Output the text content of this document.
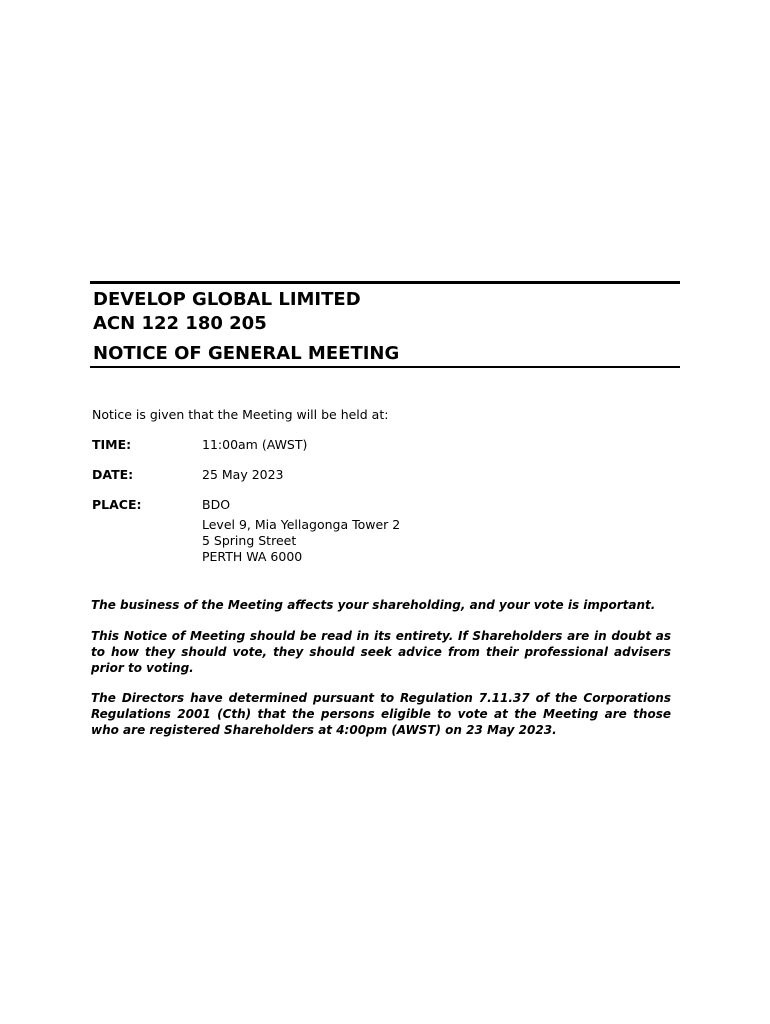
DEVELOP GLOBAL LIMITED
ACN 122 180 205
NOTICE OF GENERAL MEETING
Notice is given that the Meeting will be held at:
TIME:	11:00am (AWST)
DATE:	25 May 2023
PLACE:	BDO
Level 9, Mia Yellagonga Tower 2
5 Spring Street
PERTH WA 6000
The business of the Meeting affects your shareholding, and your vote is important.
This Notice of Meeting should be read in its entirety. If Shareholders are in doubt as to how they should vote, they should seek advice from their professional advisers prior to voting.
The Directors have determined pursuant to Regulation 7.11.37 of the Corporations Regulations 2001 (Cth) that the persons eligible to vote at the Meeting are those who are registered Shareholders at 4:00pm (AWST) on 23 May 2023.
